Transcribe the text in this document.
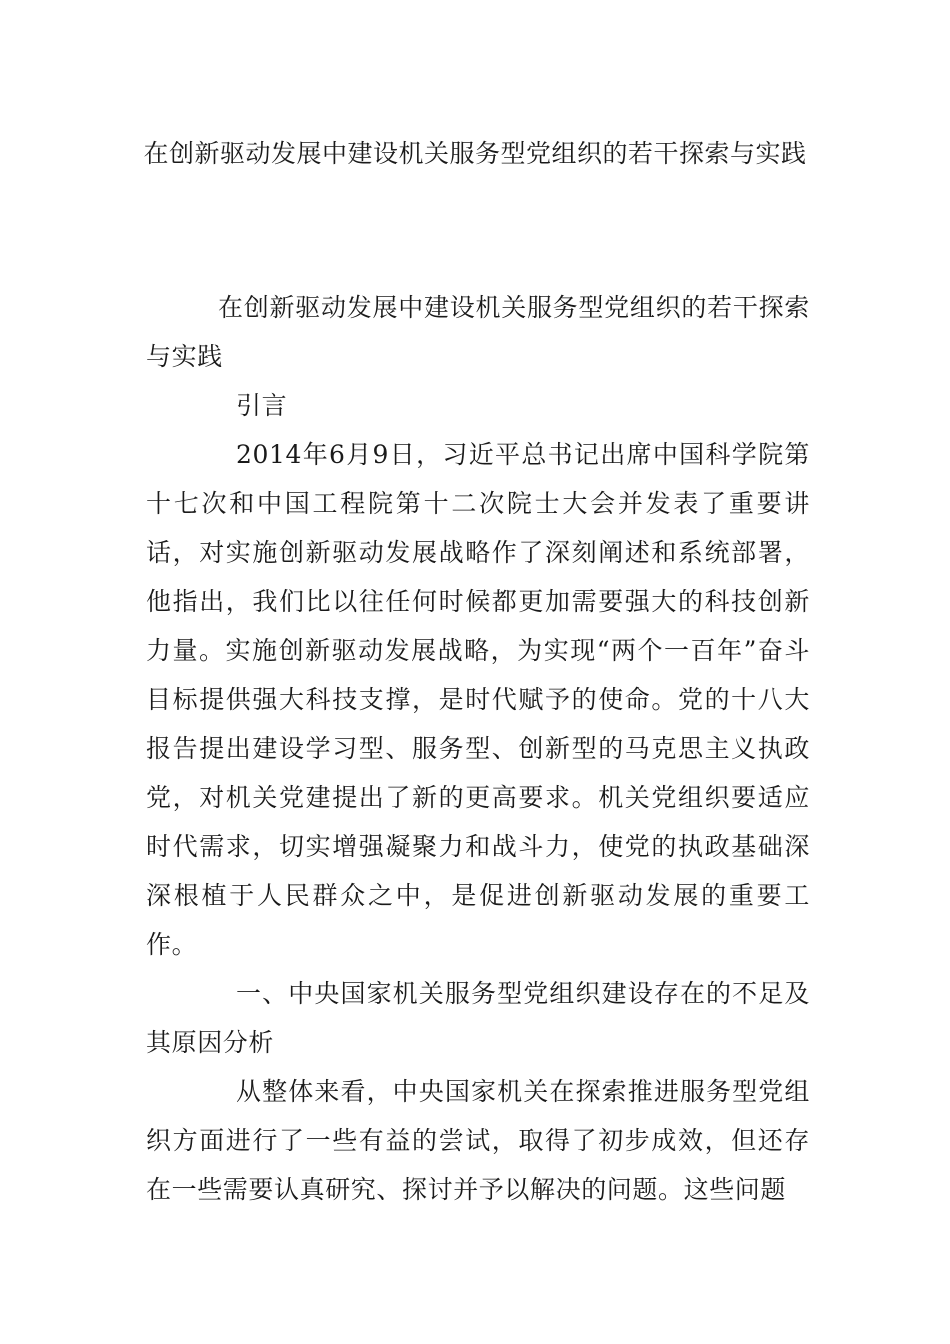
在创新驱动发展中建设机关服务型党组织的若干探索与实践

在创新驱动发展中建设机关服务型党组织的若干探索与实践

引言

2014年6月9日，习近平总书记出席中国科学院第十七次和中国工程院第十二次院士大会并发表了重要讲话，对实施创新驱动发展战略作了深刻阐述和系统部署，他指出，我们比以往任何时候都更加需要强大的科技创新力量。实施创新驱动发展战略，为实现“两个一百年”奋斗目标提供强大科技支撑，是时代赋予的使命。党的十八大报告提出建设学习型、服务型、创新型的马克思主义执政党，对机关党建提出了新的更高要求。机关党组织要适应时代需求，切实增强凝聚力和战斗力，使党的执政基础深深根植于人民群众之中，是促进创新驱动发展的重要工作。

一、中央国家机关服务型党组织建设存在的不足及其原因分析

从整体来看，中央国家机关在探索推进服务型党组织方面进行了一些有益的尝试，取得了初步成效，但还存在一些需要认真研究、探讨并予以解决的问题。这些问题
